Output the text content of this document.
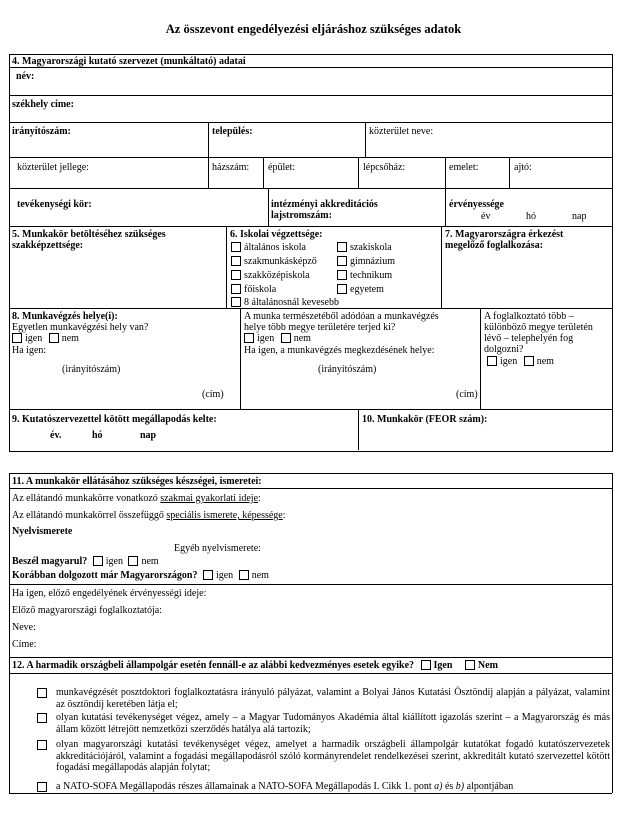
Az összevont engedélyezési eljáráshoz szükséges adatok
4. Magyarországi kutató szervezet (munkáltató) adatai
név:
székhely címe:
irányítószám:	település:	közterület neve:
közterület jellege:	házszám: épület:	lépcsőház:	emelet:	ajtó:
tevékenységi kör:	intézményi akkreditációs
lajstromszám:
érvényessége
év	hó	nap
5. Munkakör betöltéséhez szükséges
szakképzettsége:
6. Iskolai végzettsége:
általános iskola	szakiskola
szakmunkásképző	gimnázium
szakközépiskola	technikum
főiskola	egyetem
8 általánosnál kevesebb
7. Magyarországra érkezést
megelőző foglalkozása:
8. Munkavégzés helye(i):
Egyetlen munkavégzési hely van?
igen nem
Ha igen:
(irányítószám)
(cím)
A munka természetéből adódóan a munkavégzés
helye több megye területére terjed ki?
igen nem
Ha igen, a munkavégzés megkezdésének helye:
(irányítószám)
(cím)
A foglalkoztató több –
különböző megye területén
lévő – telephelyén fog
dolgozni?
igen nem
9. Kutatószervezettel kötött megállapodás kelte:
év.	hó	nap
10. Munkakör (FEOR szám):
11. A munkakör ellátásához szükséges készségei, ismeretei:
Az ellátandó munkakörre vonatkozó szakmai gyakorlati ideje:
Az ellátandó munkakörrel összefüggő speciális ismerete, képessége:
Nyelvismerete
Egyéb nyelvismerete:
Beszél magyarul? igen nem
Korábban dolgozott már Magyarországon? igen nem
Ha igen, előző engedélyének érvényességi ideje:
Előző magyarországi foglalkoztatója:
Neve:
Címe:
12. A harmadik országbeli állampolgár esetén fennáll-e az alábbi kedvezményes esetek egyike? Igen	Nem
munkavégzését posztdoktori foglalkoztatásra irányuló pályázat, valamint a Bolyai János Kutatási Ösztöndíj alapján a pályázat, valamint az ösztöndíj keretében látja el;
olyan kutatási tevékenységet végez, amely – a Magyar Tudományos Akadémia által kiállított igazolás szerint – a Magyarország és más állam között létrejött nemzetközi szerződés hatálya alá tartozik;
olyan magyarországi kutatási tevékenységet végez, amelyet a harmadik országbeli állampolgár kutatókat fogadó kutatószervezetek akkreditációjáról, valamint a fogadási megállapodásról szóló kormányrendelet rendelkezései szerint, akkreditált kutató szervezettel kötött fogadási megállapodás alapján folytat;
a NATO-SOFA Megállapodás részes államainak a NATO-SOFA Megállapodás I. Cikk 1. pont a) és b) alpontjában
